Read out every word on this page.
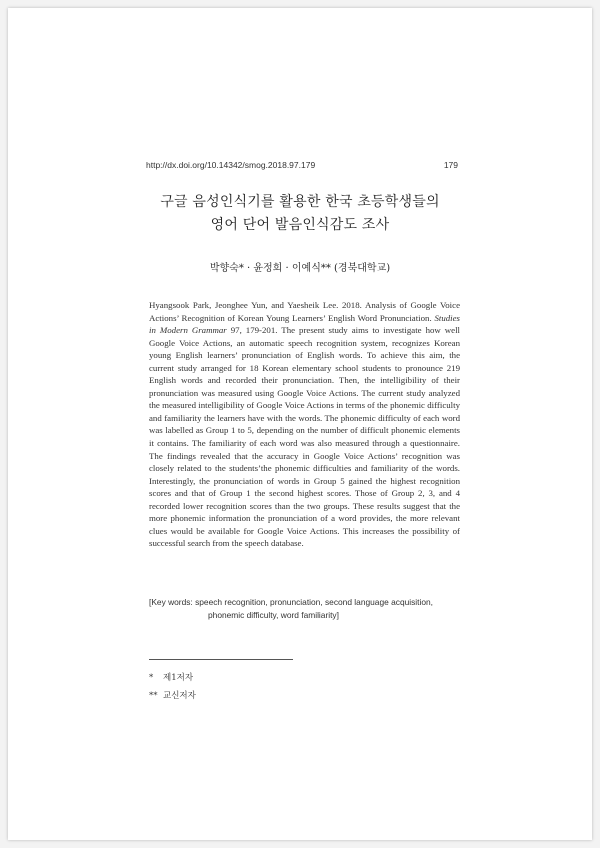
http://dx.doi.org/10.14342/smog.2018.97.179	179
구글 음성인식기를 활용한 한국 초등학생들의
영어 단어 발음인식감도 조사
박향숙* · 윤정희 · 이예식** (경북대학교)

Hyangsook Park, Jeonghee Yun, and Yaesheik Lee. 2018. Analysis of Google Voice Actions’ Recognition of Korean Young Learners’ English Word Pronunciation. Studies in Modern Grammar 97, 179-201. The present study aims to investigate how well Google Voice Actions, an automatic speech recognition system, recognizes Korean young English learners’ pronunciation of English words. To achieve this aim, the current study arranged for 18 Korean elementary school students to pronounce 219 English words and recorded their pronunciation. Then, the intelligibility of their pronunciation was measured using Google Voice Actions. The current study analyzed the measured intelligibility of Google Voice Actions in terms of the phonemic difficulty and familiarity the learners have with the words. The phonemic difficulty of each word was labelled as Group 1 to 5, depending on the number of difficult phonemic elements it contains. The familiarity of each word was also measured through a questionnaire. The findings revealed that the accuracy in Google Voice Actions’ recognition was closely related to the students’the phonemic difficulties and familiarity of the words. Interestingly, the pronunciation of words in Group 5 gained the highest recognition scores and that of Group 1 the second highest scores. Those of Group 2, 3, and 4 recorded lower recognition scores than the two groups. These results suggest that the more phonemic information the pronunciation of a word provides, the more relevant clues would be available for Google Voice Actions. This increases the possibility of successful search from the speech database.

[Key words: speech recognition, pronunciation, second language acquisition,
phonemic difficulty, word familiarity]
* 제1저자
** 교신저자
